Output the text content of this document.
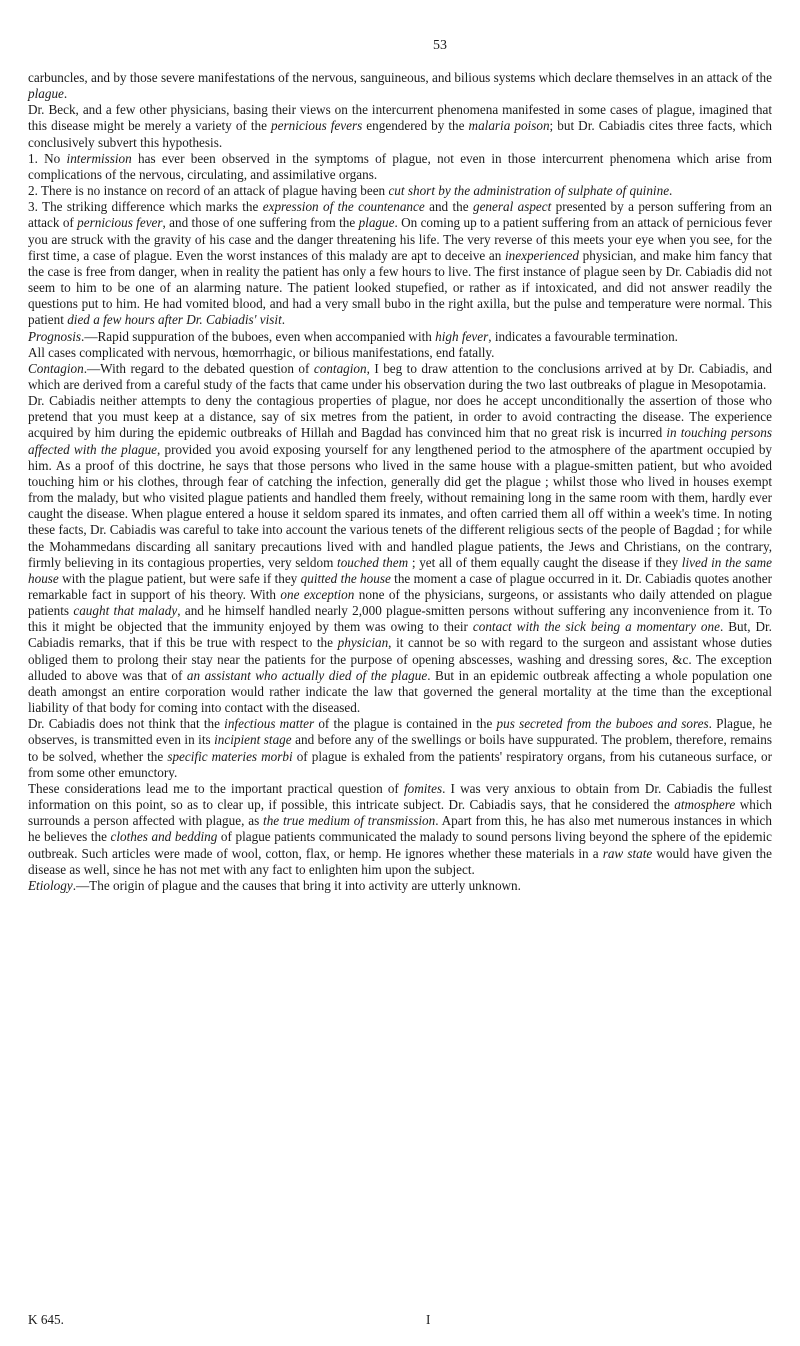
53

carbuncles, and by those severe manifestations of the nervous, sanguineous, and bilious systems which declare themselves in an attack of the plague.

Dr. Beck, and a few other physicians, basing their views on the intercurrent phenomena manifested in some cases of plague, imagined that this disease might be merely a variety of the pernicious fevers engendered by the malaria poison; but Dr. Cabiadis cites three facts, which conclusively subvert this hypothesis.

1. No intermission has ever been observed in the symptoms of plague, not even in those intercurrent phenomena which arise from complications of the nervous, circulating, and assimilative organs.

2. There is no instance on record of an attack of plague having been cut short by the administration of sulphate of quinine.

3. The striking difference which marks the expression of the countenance and the general aspect presented by a person suffering from an attack of pernicious fever, and those of one suffering from the plague. On coming up to a patient suffering from an attack of pernicious fever you are struck with the gravity of his case and the danger threatening his life. The very reverse of this meets your eye when you see, for the first time, a case of plague. Even the worst instances of this malady are apt to deceive an inexperienced physician, and make him fancy that the case is free from danger, when in reality the patient has only a few hours to live. The first instance of plague seen by Dr. Cabiadis did not seem to him to be one of an alarming nature. The patient looked stupefied, or rather as if intoxicated, and did not answer readily the questions put to him. He had vomited blood, and had a very small bubo in the right axilla, but the pulse and temperature were normal. This patient died a few hours after Dr. Cabiadis' visit.

Prognosis.—Rapid suppuration of the buboes, even when accompanied with high fever, indicates a favourable termination.

All cases complicated with nervous, hœmorrhagic, or bilious manifestations, end fatally.

Contagion.—With regard to the debated question of contagion, I beg to draw attention to the conclusions arrived at by Dr. Cabiadis, and which are derived from a careful study of the facts that came under his observation during the two last outbreaks of plague in Mesopotamia.

Dr. Cabiadis neither attempts to deny the contagious properties of plague, nor does he accept unconditionally the assertion of those who pretend that you must keep at a distance, say of six metres from the patient, in order to avoid contracting the disease. The experience acquired by him during the epidemic outbreaks of Hillah and Bagdad has convinced him that no great risk is incurred in touching persons affected with the plague, provided you avoid exposing yourself for any lengthened period to the atmosphere of the apartment occupied by him. As a proof of this doctrine, he says that those persons who lived in the same house with a plague-smitten patient, but who avoided touching him or his clothes, through fear of catching the infection, generally did get the plague ; whilst those who lived in houses exempt from the malady, but who visited plague patients and handled them freely, without remaining long in the same room with them, hardly ever caught the disease. When plague entered a house it seldom spared its inmates, and often carried them all off within a week's time. In noting these facts, Dr. Cabiadis was careful to take into account the various tenets of the different religious sects of the people of Bagdad ; for while the Mohammedans discarding all sanitary precautions lived with and handled plague patients, the Jews and Christians, on the contrary, firmly believing in its contagious properties, very seldom touched them ; yet all of them equally caught the disease if they lived in the same house with the plague patient, but were safe if they quitted the house the moment a case of plague occurred in it. Dr. Cabiadis quotes another remarkable fact in support of his theory. With one exception none of the physicians, surgeons, or assistants who daily attended on plague patients caught that malady, and he himself handled nearly 2,000 plague-smitten persons without suffering any inconvenience from it. To this it might be objected that the immunity enjoyed by them was owing to their contact with the sick being a momentary one. But, Dr. Cabiadis remarks, that if this be true with respect to the physician, it cannot be so with regard to the surgeon and assistant whose duties obliged them to prolong their stay near the patients for the purpose of opening abscesses, washing and dressing sores, &c. The exception alluded to above was that of an assistant who actually died of the plague. But in an epidemic outbreak affecting a whole population one death amongst an entire corporation would rather indicate the law that governed the general mortality at the time than the exceptional liability of that body for coming into contact with the diseased.

Dr. Cabiadis does not think that the infectious matter of the plague is contained in the pus secreted from the buboes and sores. Plague, he observes, is transmitted even in its incipient stage and before any of the swellings or boils have suppurated. The problem, therefore, remains to be solved, whether the specific materies morbi of plague is exhaled from the patients' respiratory organs, from his cutaneous surface, or from some other emunctory.

These considerations lead me to the important practical question of fomites. I was very anxious to obtain from Dr. Cabiadis the fullest information on this point, so as to clear up, if possible, this intricate subject. Dr. Cabiadis says, that he considered the atmosphere which surrounds a person affected with plague, as the true medium of transmission. Apart from this, he has also met numerous instances in which he believes the clothes and bedding of plague patients communicated the malady to sound persons living beyond the sphere of the epidemic outbreak. Such articles were made of wool, cotton, flax, or hemp. He ignores whether these materials in a raw state would have given the disease as well, since he has not met with any fact to enlighten him upon the subject.

Etiology.—The origin of plague and the causes that bring it into activity are utterly unknown.

K 645.	I
